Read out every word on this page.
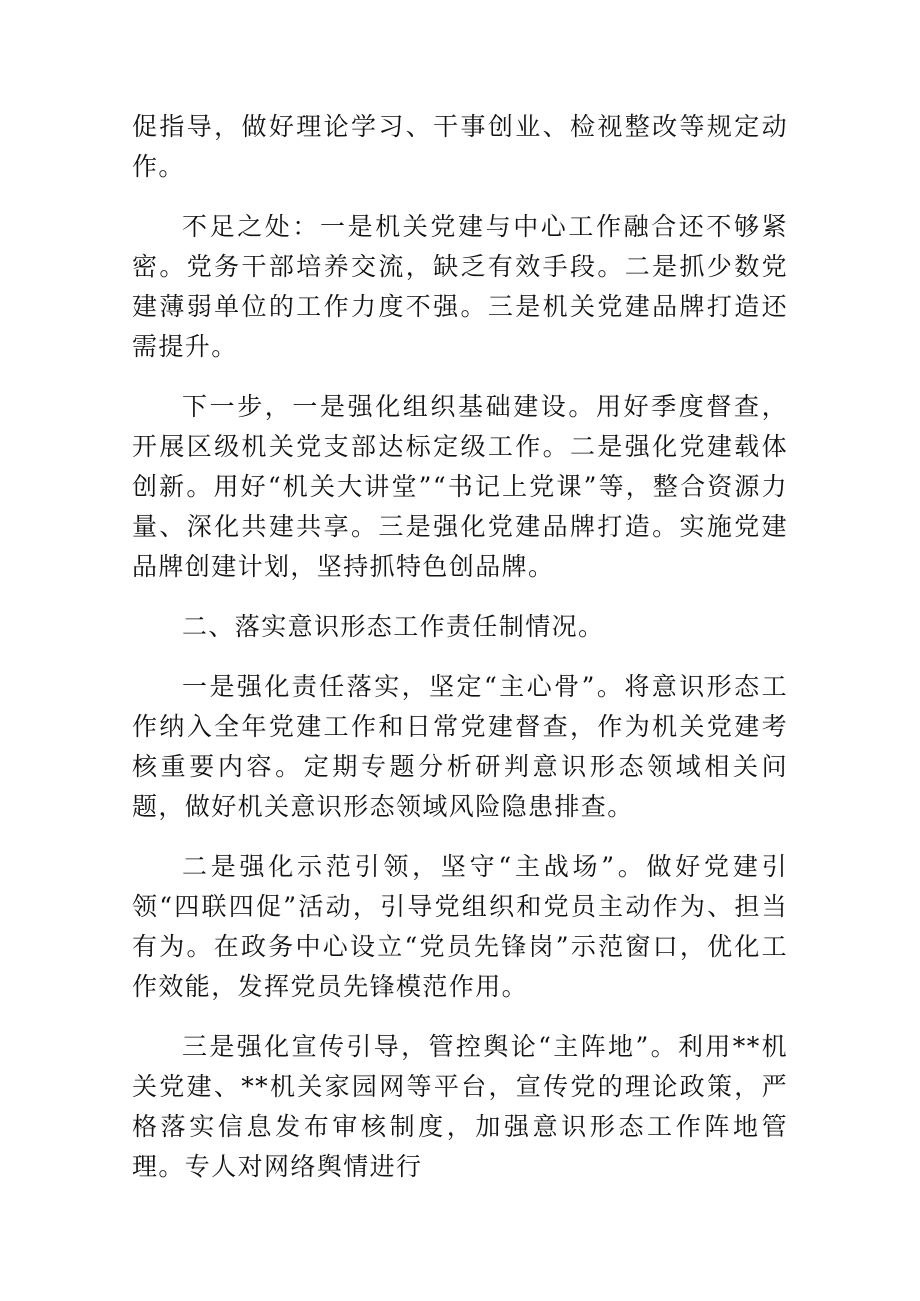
促指导，做好理论学习、干事创业、检视整改等规定动作。

不足之处：一是机关党建与中心工作融合还不够紧密。党务干部培养交流，缺乏有效手段。二是抓少数党建薄弱单位的工作力度不强。三是机关党建品牌打造还需提升。

下一步，一是强化组织基础建设。用好季度督查，开展区级机关党支部达标定级工作。二是强化党建载体创新。用好“机关大讲堂”“书记上党课”等，整合资源力量、深化共建共享。三是强化党建品牌打造。实施党建品牌创建计划，坚持抓特色创品牌。

二、落实意识形态工作责任制情况。

一是强化责任落实，坚定“主心骨”。将意识形态工作纳入全年党建工作和日常党建督查，作为机关党建考核重要内容。定期专题分析研判意识形态领域相关问题，做好机关意识形态领域风险隐患排查。

二是强化示范引领，坚守“主战场”。做好党建引领“四联四促”活动，引导党组织和党员主动作为、担当有为。在政务中心设立“党员先锋岗”示范窗口，优化工作效能，发挥党员先锋模范作用。

三是强化宣传引导，管控舆论“主阵地”。利用**机关党建、**机关家园网等平台，宣传党的理论政策，严格落实信息发布审核制度，加强意识形态工作阵地管理。专人对网络舆情进行
